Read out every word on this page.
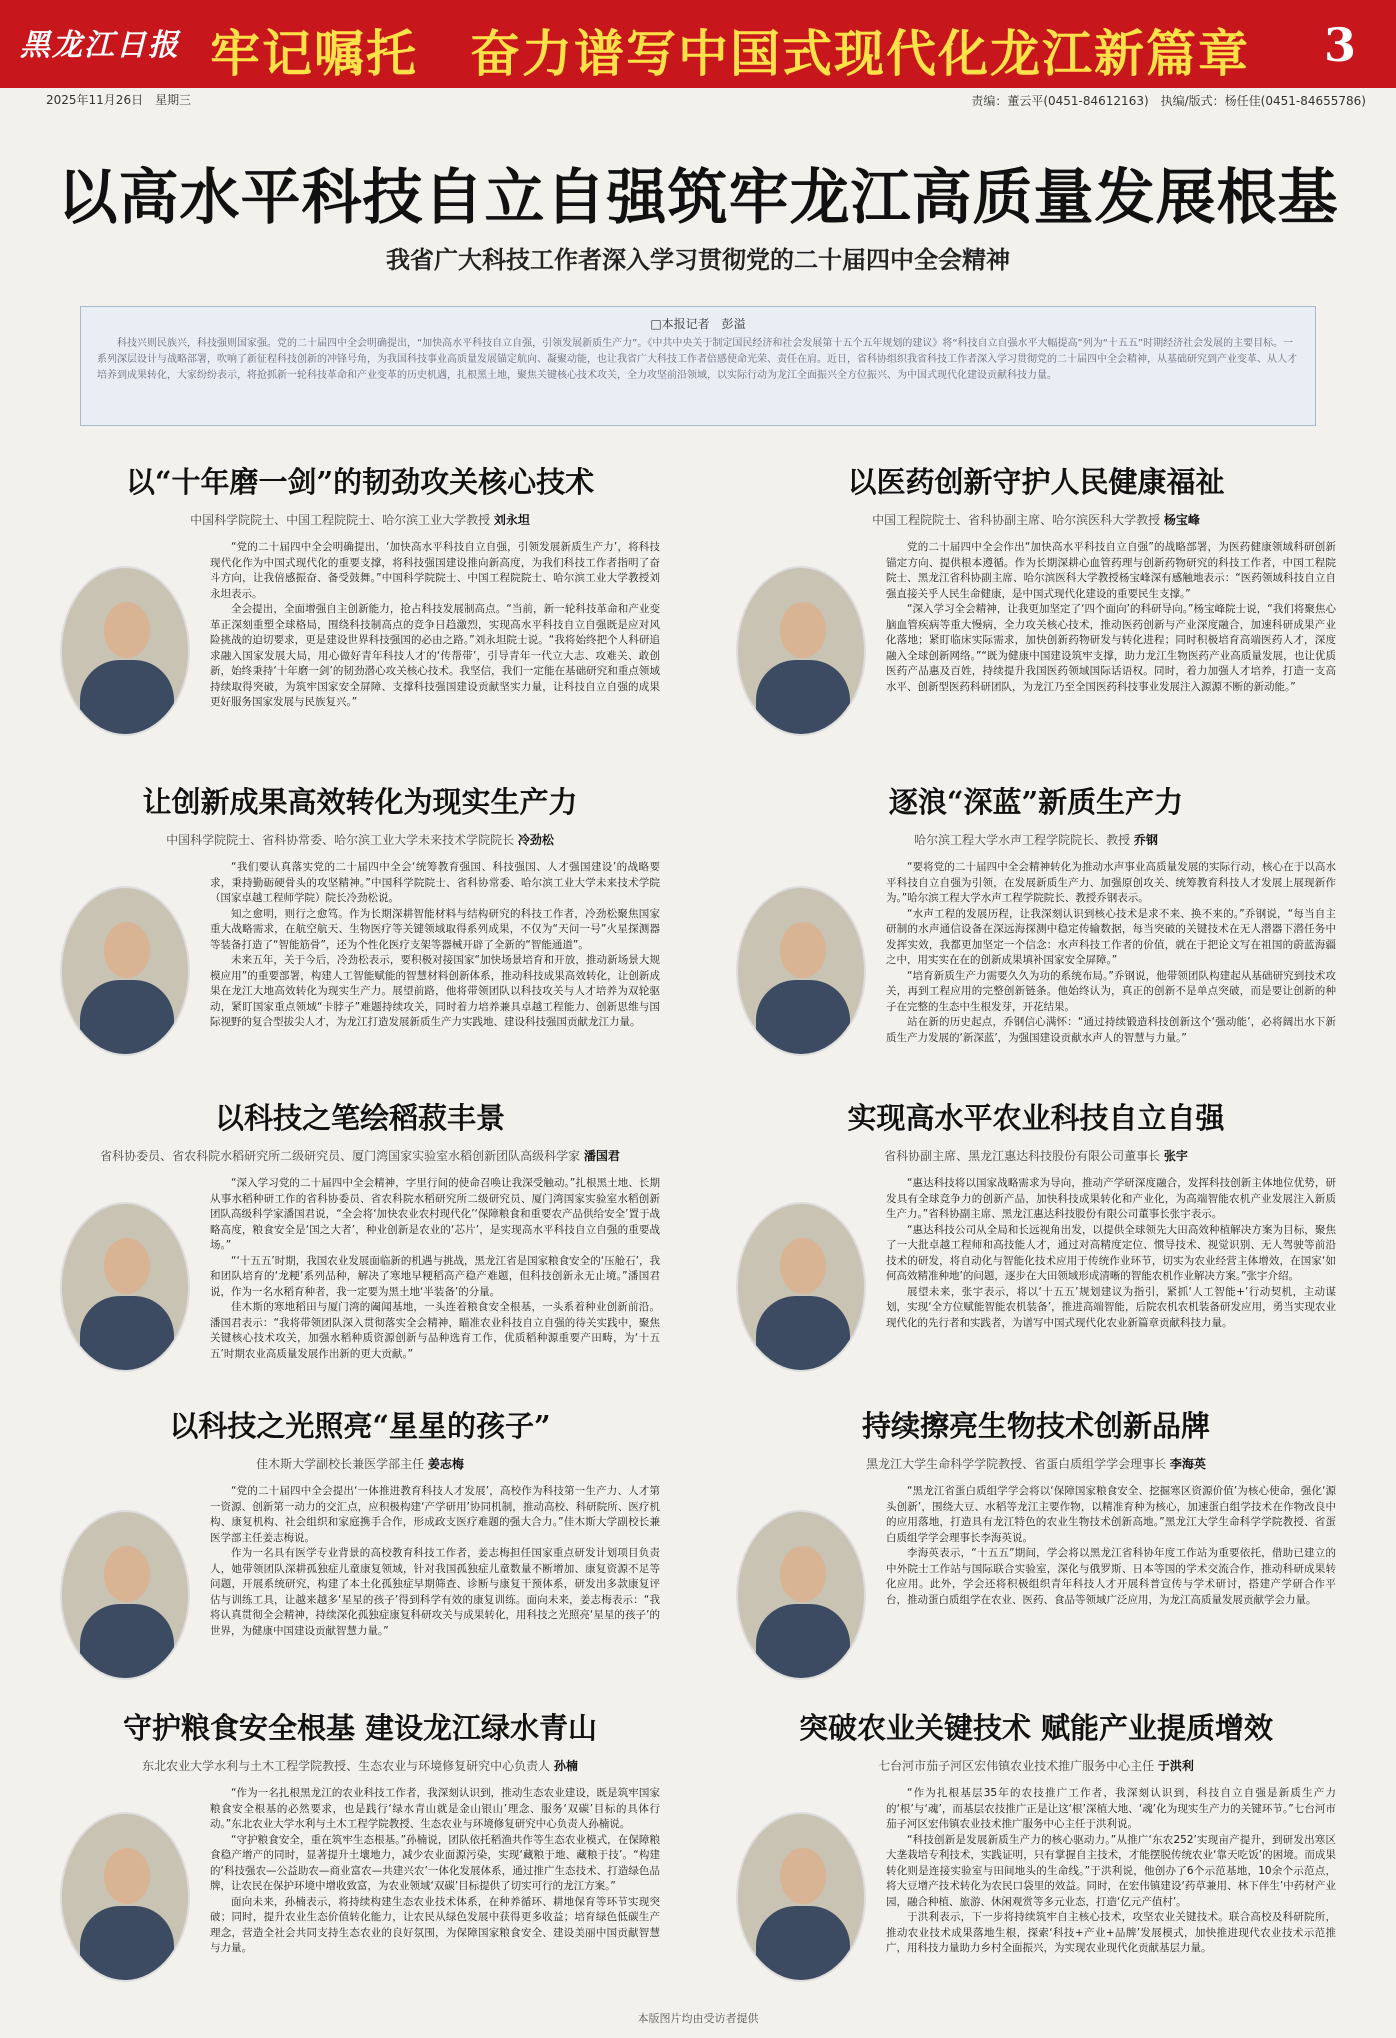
黑龙江日报 牢记嘱托　奋力谱写中国式现代化龙江新篇章 3
2025年11月26日　星期三	责编：董云平(0451-84612163)　执编/版式：杨任佳(0451-84655786)
以高水平科技自立自强筑牢龙江高质量发展根基
我省广大科技工作者深入学习贯彻党的二十届四中全会精神
□本报记者　彭溢
科技兴则民族兴，科技强则国家强。党的二十届四中全会明确提出，“加快高水平科技自立自强，引领发展新质生产力”。《中共中央关于制定国民经济和社会发展第十五个五年规划的建议》将“科技自立自强水平大幅提高”列为“十五五”时期经济社会发展的主要目标。一系列深层设计与战略部署，吹响了新征程科技创新的冲锋号角，为我国科技事业高质量发展锚定航向、凝聚动能，也让我省广大科技工作者倍感使命光荣、责任在肩。近日，省科协组织我省科技工作者深入学习贯彻党的二十届四中全会精神，从基础研究到产业变革、从人才培养到成果转化，大家纷纷表示，将抢抓新一轮科技革命和产业变革的历史机遇，扎根黑土地，聚焦关键核心技术攻关，全力攻坚前沿领域，以实际行动为龙江全面振兴全方位振兴、为中国式现代化建设贡献科技力量。
以“十年磨一剑”的韧劲攻关核心技术
中国科学院院士、中国工程院院士、哈尔滨工业大学教授 刘永坦

“党的二十届四中全会明确提出，‘加快高水平科技自立自强，引领发展新质生产力’，将科技现代化作为中国式现代化的重要支撑，将科技强国建设推向新高度，为我们科技工作者指明了奋斗方向，让我倍感振奋、备受鼓舞。”中国科学院院士、中国工程院院士、哈尔滨工业大学教授刘永坦表示。

全会提出，全面增强自主创新能力，抢占科技发展制高点。“当前，新一轮科技革命和产业变革正深刻重塑全球格局，围绕科技制高点的竞争日趋激烈，实现高水平科技自立自强既是应对风险挑战的迫切要求，更是建设世界科技强国的必由之路。”刘永坦院士说。“我将始终把个人科研追求融入国家发展大局，用心做好青年科技人才的‘传帮带’，引导青年一代立大志、攻难关、敢创新，始终秉持‘十年磨一剑’的韧劲潜心攻关核心技术。我坚信，我们一定能在基础研究和重点领域持续取得突破，为筑牢国家安全屏障、支撑科技强国建设贡献坚实力量，让科技自立自强的成果更好服务国家发展与民族复兴。”

以医药创新守护人民健康福祉
中国工程院院士、省科协副主席、哈尔滨医科大学教授 杨宝峰

党的二十届四中全会作出“加快高水平科技自立自强”的战略部署，为医药健康领域科研创新锚定方向、提供根本遵循。作为长期深耕心血管药理与创新药物研究的科技工作者，中国工程院院士、黑龙江省科协副主席、哈尔滨医科大学教授杨宝峰深有感触地表示：“医药领域科技自立自强直接关乎人民生命健康，是中国式现代化建设的重要民生支撑。”

“深入学习全会精神，让我更加坚定了‘四个面向’的科研导向。”杨宝峰院士说，“我们将聚焦心脑血管疾病等重大慢病，全力攻关核心技术，推动医药创新与产业深度融合，加速科研成果产业化落地；紧盯临床实际需求，加快创新药物研发与转化进程；同时积极培育高端医药人才，深度融入全球创新网络。”“既为健康中国建设筑牢支撑，助力龙江生物医药产业高质量发展，也让优质医药产品惠及百姓，持续提升我国医药领域国际话语权。同时，着力加强人才培养，打造一支高水平、创新型医药科研团队，为龙江乃至全国医药科技事业发展注入源源不断的新动能。”

让创新成果高效转化为现实生产力
中国科学院院士、省科协常委、哈尔滨工业大学未来技术学院院长 冷劲松

“我们要认真落实党的二十届四中全会‘统筹教育强国、科技强国、人才强国建设’的战略要求，秉持勤砺硬骨头的攻坚精神。”中国科学院院士、省科协常委、哈尔滨工业大学未来技术学院（国家卓越工程师学院）院长冷劲松说。

知之愈明，则行之愈笃。作为长期深耕智能材料与结构研究的科技工作者，冷劲松聚焦国家重大战略需求，在航空航天、生物医疗等关键领域取得系列成果，不仅为“天问一号”火星探测器等装备打造了“智能筋骨”，还为个性化医疗支架等器械开辟了全新的“智能通道”。

未来五年，关于今后，冷劲松表示，要积极对接国家“加快场景培育和开放，推动新场景大规模应用”的重要部署，构建人工智能赋能的智慧材料创新体系，推动科技成果高效转化，让创新成果在龙江大地高效转化为现实生产力。展望前路，他将带领团队以科技攻关与人才培养为双轮驱动，紧盯国家重点领域“卡脖子”难题持续攻关，同时着力培养兼具卓越工程能力、创新思维与国际视野的复合型拔尖人才，为龙江打造发展新质生产力实践地、建设科技强国贡献龙江力量。

逐浪“深蓝”新质生产力
哈尔滨工程大学水声工程学院院长、教授 乔钢

“要将党的二十届四中全会精神转化为推动水声事业高质量发展的实际行动，核心在于以高水平科技自立自强为引领，在发展新质生产力、加强原创攻关、统筹教育科技人才发展上展现新作为。”哈尔滨工程大学水声工程学院院长、教授乔钢表示。

“水声工程的发展历程，让我深刻认识到核心技术是求不来、换不来的。”乔钢说，“每当自主研制的水声通信设备在深远海探测中稳定传输数据，每当突破的关键技术在无人潜器下潜任务中发挥实效，我都更加坚定一个信念：水声科技工作者的价值，就在于把论文写在祖国的蔚蓝海疆之中，用实实在在的创新成果填补国家安全屏障。”

“培育新质生产力需要久久为功的系统布局。”乔钢说，他带领团队构建起从基础研究到技术攻关，再到工程应用的完整创新链条。他始终认为，真正的创新不是单点突破，而是要让创新的种子在完整的生态中生根发芽，开花结果。

站在新的历史起点，乔钢信心满怀：“通过持续锻造科技创新这个‘强动能’，必将阔出水下新质生产力发展的‘新深蓝’，为强国建设贡献水声人的智慧与力量。”

以科技之笔绘稻菽丰景
省科协委员、省农科院水稻研究所二级研究员、厦门湾国家实验室水稻创新团队高级科学家 潘国君

“深入学习党的二十届四中全会精神，字里行间的使命召唤让我深受触动。”扎根黑土地、长期从事水稻种研工作的省科协委员、省农科院水稻研究所二级研究员、厦门湾国家实验室水稻创新团队高级科学家潘国君说，“全会将‘加快农业农村现代化’‘保障粮食和重要农产品供给安全’置于战略高度，粮食安全是‘国之大者’，种业创新是农业的‘芯片’，是实现高水平科技自立自强的重要战场。”

“‘十五五’时期，我国农业发展面临新的机遇与挑战，黑龙江省是国家粮食安全的‘压舱石’，我和团队培育的‘龙粳’系列品种，解决了寒地早粳稻高产稳产难题，但科技创新永无止境。”潘国君说，作为一名水稻育种者，我一定要为黑土地‘半装备’的分量。

佳木斯的寒地稻田与厦门湾的阖闻基地，一头连着粮食安全根基，一头系着种业创新前沿。潘国君表示：“我将带领团队深入贯彻落实全会精神，瞄准农业科技自立自强的待关实践中，聚焦关键核心技术攻关，加强水稻种质资源创新与品种选育工作，优质稻种源重要产田畴，为‘十五五’时期农业高质量发展作出新的更大贡献。”

实现高水平农业科技自立自强
省科协副主席、黑龙江惠达科技股份有限公司董事长 张宇

“惠达科技将以国家战略需求为导向，推动产学研深度融合，发挥科技创新主体地位优势，研发具有全球竞争力的创新产品，加快科技成果转化和产业化，为高端智能农机产业发展注入新质生产力。”省科协副主席、黑龙江惠达科技股份有限公司董事长张宇表示。

“惠达科技公司从全局和长远视角出发，以提供全球领先大田高效种植解决方案为目标，聚焦了一大批卓越工程师和高技能人才，通过对高精度定位、惯导技术、视觉识别、无人驾驶等前沿技术的研发，将自动化与智能化技术应用于传统作业环节，切实为农业经营主体增效，在国家‘如何高效精准种地’的问题，逐步在大田领域形成清晰的智能农机作业解决方案。”张宇介绍。

展望未来，张宇表示，将以‘十五五’规划建议为指引，紧抓‘人工智能+’行动契机，主动谋划，实现‘全方位赋能智能农机装备’，推进高端智能，后院农机农机装备研发应用，勇当实现农业现代化的先行者和实践者，为谱写中国式现代化农业新篇章贡献科技力量。

以科技之光照亮“星星的孩子”
佳木斯大学副校长兼医学部主任 姜志梅

“党的二十届四中全会提出‘一体推进教育科技人才发展’，高校作为科技第一生产力、人才第一资源、创新第一动力的交汇点，应积极构建‘产学研用’协同机制，推动高校、科研院所、医疗机构、康复机构、社会组织和家庭携手合作，形成政支医疗难题的强大合力。”佳木斯大学副校长兼医学部主任姜志梅说。

作为一名具有医学专业背景的高校教育科技工作者，姜志梅担任国家重点研发计划项目负责人，她带领团队深耕孤独症儿童康复领域，针对我国孤独症儿童数量不断增加、康复资源不足等问题，开展系统研究，构建了本土化孤独症早期筛查、诊断与康复干预体系，研发出多款康复评估与训练工具，让越来越多‘星星的孩子’得到科学有效的康复训练。面向未来，姜志梅表示：“我将认真贯彻全会精神，持续深化孤独症康复科研攻关与成果转化，用科技之光照亮‘星星的孩子’的世界，为健康中国建设贡献智慧力量。”

持续擦亮生物技术创新品牌
黑龙江大学生命科学学院教授、省蛋白质组学学会理事长 李海英

“黑龙江省蛋白质组学学会将以‘保障国家粮食安全、挖掘寒区资源价值’为核心使命，强化‘源头创新’，围绕大豆、水稻等龙江主要作物，以精准育种为核心，加速蛋白组学技术在作物改良中的应用落地，打造具有龙江特色的农业生物技术创新高地。”黑龙江大学生命科学学院教授、省蛋白质组学学会理事长李海英说。

李海英表示，“十五五”期间，学会将以黑龙江省科协年度工作站为重要依托，借助已建立的中外院士工作站与国际联合实验室，深化与俄罗斯、日本等国的学术交流合作，推动科研成果转化应用。此外，学会还将积极组织青年科技人才开展科普宣传与学术研讨，搭建产学研合作平台，推动蛋白质组学在农业、医药、食品等领域广泛应用，为龙江高质量发展贡献学会力量。

守护粮食安全根基 建设龙江绿水青山
东北农业大学水利与土木工程学院教授、生态农业与环境修复研究中心负责人 孙楠

“作为一名扎根黑龙江的农业科技工作者，我深刻认识到，推动生态农业建设，既是筑牢国家粮食安全根基的必然要求，也是践行‘绿水青山就是金山银山’理念、服务‘双碳’目标的具体行动。”东北农业大学水利与土木工程学院教授、生态农业与环境修复研究中心负责人孙楠说。

“守护粮食安全，重在筑牢生态根基。”孙楠说，团队依托稻渔共作等生态农业模式，在保障粮食稳产增产的同时，显著提升土壤地力，减少农业面源污染，实现‘藏粮于地、藏粮于技’。“构建的‘科技强农—公益助农—商业富农—共建兴农’一体化发展体系，通过推广生态技术、打造绿色品牌，让农民在保护环境中增收致富，为农业领域‘双碳’目标提供了切实可行的龙江方案。”

面向未来，孙楠表示，将持续构建生态农业技术体系，在种养循环、耕地保育等环节实现突破；同时，提升农业生态价值转化能力，让农民从绿色发展中获得更多收益；培育绿色低碳生产理念，营造全社会共同支持生态农业的良好氛围，为保障国家粮食安全、建设美丽中国贡献智慧与力量。

突破农业关键技术 赋能产业提质增效
七台河市茄子河区宏伟镇农业技术推广服务中心主任 于洪利

“作为扎根基层35年的农技推广工作者，我深刻认识到，科技自立自强是新质生产力的‘根’与‘魂’，而基层农技推广正是让这‘根’深植大地、‘魂’化为现实生产力的关键环节。”七台河市茄子河区宏伟镇农业技术推广服务中心主任于洪利说。

“科技创新是发展新质生产力的核心驱动力。”从推广‘东农252’实现亩产提升，到研发出寒区大垄栽培专利技术，实践证明，只有掌握自主技术，才能摆脱传统农业‘靠天吃饭’的困境。而成果转化则是连接实验室与田间地头的生命线。”于洪利说，他创办了6个示范基地，10余个示范点，将大豆增产技术转化为农民口袋里的效益。同时，在宏伟镇建设‘药草兼用、林下伴生’中药材产业园，融合种植、旅游、休闲观赏等多元业态，打造‘亿元产值村’。

于洪利表示，下一步将持续筑牢自主核心技术，攻坚农业关键技术。联合高校及科研院所，推动农业技术成果落地生根，探索‘科技+产业+品牌’发展模式，加快推进现代农业技术示范推广，用科技力量助力乡村全面振兴，为实现农业现代化贡献基层力量。

本版图片均由受访者提供
